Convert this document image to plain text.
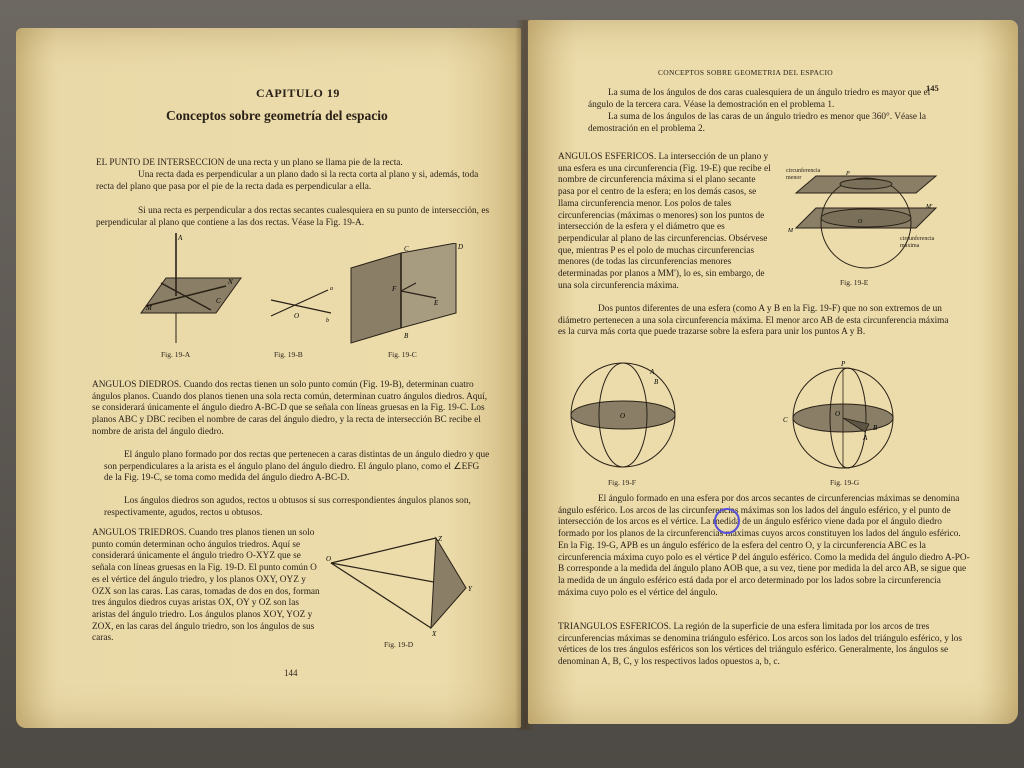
CAPITULO 19
Conceptos sobre geometría del espacio

EL PUNTO DE INTERSECCION de una recta y un plano se llama pie de la recta.

Una recta dada es perpendicular a un plano dado si la recta corta al plano y si, además, toda recta del plano que pasa por el pie de la recta dada es perpendicular a ella.

Si una recta es perpendicular a dos rectas secantes cualesquiera en su punto de intersección, es perpendicular al plano que contiene a las dos rectas. Véase la Fig. 19-A.

A
M
N
C
Fig. 19-A
O
a
b
Fig. 19-B
C	D
B
F
E
Fig. 19-C

ANGULOS DIEDROS. Cuando dos rectas tienen un solo punto común (Fig. 19-B), determinan cuatro ángulos planos. Cuando dos planos tienen una sola recta común, determinan cuatro ángulos diedros. Aquí, se considerará únicamente el ángulo diedro A-BC-D que se señala con líneas gruesas en la Fig. 19-C. Los planos ABC y DBC reciben el nombre de caras del ángulo diedro, y la recta de intersección BC recibe el nombre de arista del ángulo diedro.

El ángulo plano formado por dos rectas que pertenecen a caras distintas de un ángulo diedro y que son perpendiculares a la arista es el ángulo plano del ángulo diedro. El ángulo plano, como el ∠EFG de la Fig. 19-C, se toma como medida del ángulo diedro A-BC-D.

Los ángulos diedros son agudos, rectos u obtusos si sus correspondientes ángulos planos son, respectivamente, agudos, rectos u obtusos.

ANGULOS TRIEDROS. Cuando tres planos tienen un solo punto común determinan ocho ángulos triedros. Aquí se considerará únicamente el ángulo triedro O-XYZ que se señala con líneas gruesas en la Fig. 19-D. El punto común O es el vértice del ángulo triedro, y los planos OXY, OYZ y OZX son las caras. Las caras, tomadas de dos en dos, forman tres ángulos diedros cuyas aristas OX, OY y OZ son las aristas del ángulo triedro. Los ángulos planos XOY, YOZ y ZOX, en las caras del ángulo triedro, son los ángulos de sus caras.

O
Z
Y
X
Fig. 19-D
144
CONCEPTOS SOBRE GEOMETRIA DEL ESPACIO
145

La suma de los ángulos de dos caras cualesquiera de un ángulo triedro es mayor que el ángulo de la tercera cara. Véase la demostración en el problema 1.

La suma de los ángulos de las caras de un ángulo triedro es menor que 360°. Véase la demostración en el problema 2.

ANGULOS ESFERICOS. La intersección de un plano y una esfera es una circunferencia (Fig. 19-E) que recibe el nombre de circunferencia máxima si el plano secante pasa por el centro de la esfera; en los demás casos, se llama circunferencia menor. Los polos de tales circunferencias (máximas o menores) son los puntos de intersección de la esfera y el diámetro que es perpendicular al plano de las circunferencias. Obsérvese que, mientras P es el polo de muchas circunferencias menores (de todas las circunferencias menores determinadas por planos a MM'), lo es, sin embargo, de una sola circunferencia máxima.

P
O
M
M'
circunferencia menor
circunferencia máxima
Fig. 19-E

Dos puntos diferentes de una esfera (como A y B en la Fig. 19-F) que no son extremos de un diámetro pertenecen a una sola circunferencia máxima. El menor arco AB de esta circunferencia máxima es la curva más corta que puede trazarse sobre la esfera para unir los puntos A y B.

O
A
B
Fig. 19-F
P
C
A
B
O
Fig. 19-G

El ángulo formado en una esfera por dos arcos secantes de circunferencias máximas se denomina ángulo esférico. Los arcos de las circunferencias máximas son los lados del ángulo esférico, y el punto de intersección de los arcos es el vértice. La medida de un ángulo esférico viene dada por el ángulo diedro formado por los planos de la circunferencias máximas cuyos arcos constituyen los lados del ángulo esférico. En la Fig. 19-G, APB es un ángulo esférico de la esfera del centro O, y la circunferencia ABC es la circunferencia máxima cuyo polo es el vértice P del ángulo esférico. Como la medida del ángulo diedro A-PO-B corresponde a la medida del ángulo plano AOB que, a su vez, tiene por medida la del arco AB, se sigue que la medida de un ángulo esférico está dada por el arco determinado por los lados sobre la circunferencia máxima cuyo polo es el vértice del ángulo.

TRIANGULOS ESFERICOS. La región de la superficie de una esfera limitada por los arcos de tres circunferencias máximas se denomina triángulo esférico. Los arcos son los lados del triángulo esférico, y los vértices de los tres ángulos esféricos son los vértices del triángulo esférico. Generalmente, los ángulos se denominan A, B, C, y los respectivos lados opuestos a, b, c.
